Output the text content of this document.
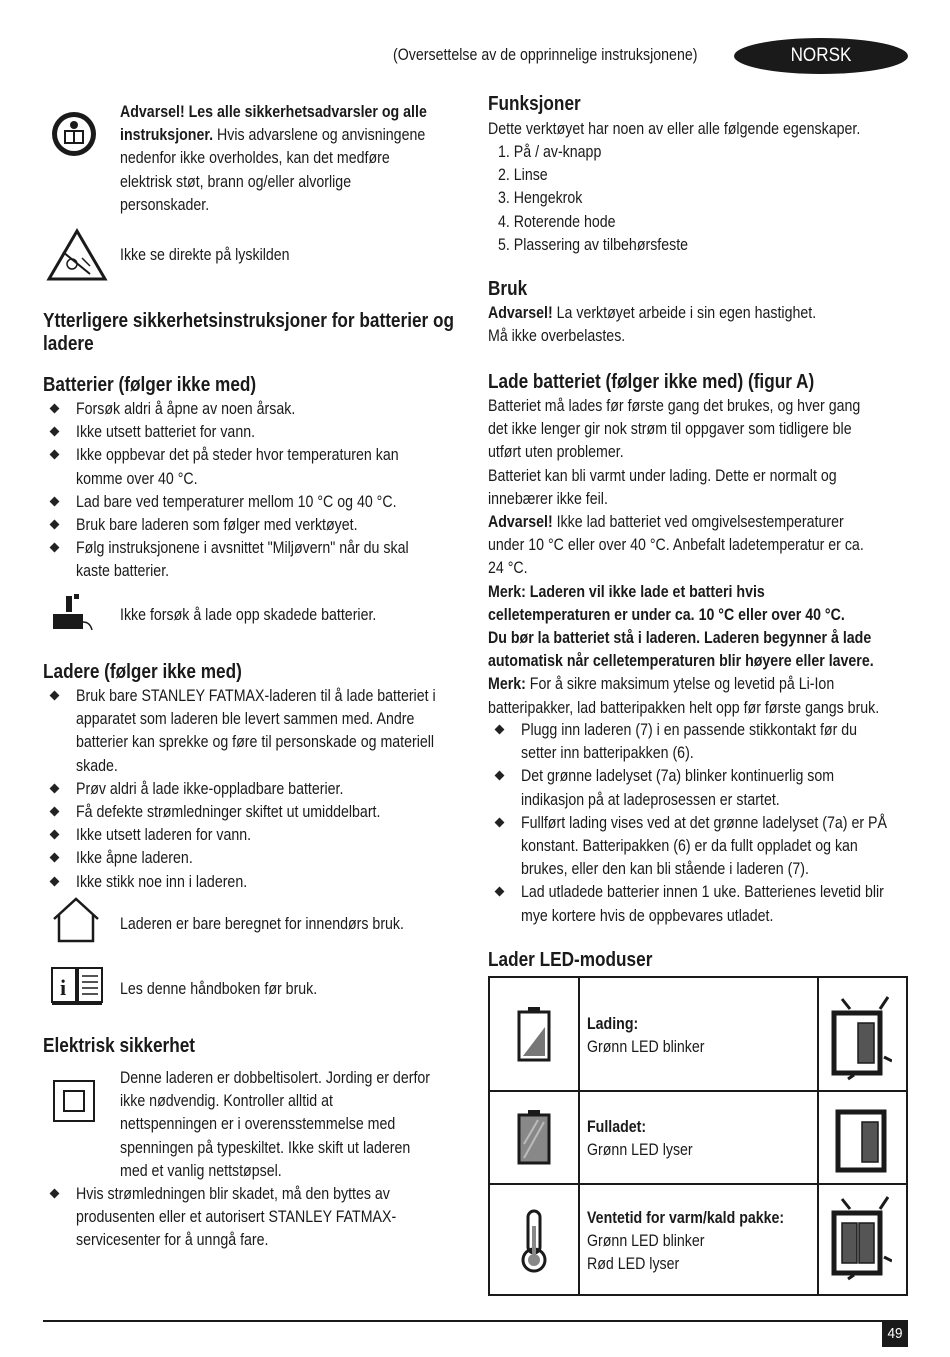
(Oversettelse av de opprinnelige instruksjonene)	NORSK
Advarsel! Les alle sikkerhetsadvarsler og alle
instruksjoner. Hvis advarslene og anvisningene
nedenfor ikke overholdes, kan det medføre
elektrisk støt, brann og/eller alvorlige
personskader.
Ikke se direkte på lyskilden
Ytterligere sikkerhetsinstruksjoner for batterier og
ladere
Batterier (følger ikke med)
Forsøk aldri å åpne av noen årsak.
Ikke utsett batteriet for vann.
Ikke oppbevar det på steder hvor temperaturen kan
komme over 40 °C.
Lad bare ved temperaturer mellom 10 °C og 40 °C.
Bruk bare laderen som følger med verktøyet.
Følg instruksjonene i avsnittet "Miljøvern" når du skal
kaste batterier.
Ikke forsøk å lade opp skadede batterier.
Ladere (følger ikke med)
Bruk bare STANLEY FATMAX-laderen til å lade batteriet i
apparatet som laderen ble levert sammen med. Andre
batterier kan sprekke og føre til personskade og materiell
skade.
Prøv aldri å lade ikke-oppladbare batterier.
Få defekte strømledninger skiftet ut umiddelbart.
Ikke utsett laderen for vann.
Ikke åpne laderen.
Ikke stikk noe inn i laderen.
Laderen er bare beregnet for innendørs bruk.
i	Les denne håndboken før bruk.
Elektrisk sikkerhet
Denne laderen er dobbeltisolert. Jording er derfor
ikke nødvendig. Kontroller alltid at
nettspenningen er i overensstemmelse med
spenningen på typeskiltet. Ikke skift ut laderen
med et vanlig nettstøpsel.
Hvis strømledningen blir skadet, må den byttes av
produsenten eller et autorisert STANLEY FATMAX-
servicesenter for å unngå fare.
Funksjoner
Dette verktøyet har noen av eller alle følgende egenskaper.
1. På / av-knapp
2. Linse
3. Hengekrok
4. Roterende hode
5. Plassering av tilbehørsfeste
Bruk
Advarsel! La verktøyet arbeide i sin egen hastighet.
Må ikke overbelastes.
Lade batteriet (følger ikke med) (figur A)
Batteriet må lades før første gang det brukes, og hver gang
det ikke lenger gir nok strøm til oppgaver som tidligere ble
utført uten problemer.
Batteriet kan bli varmt under lading. Dette er normalt og
innebærer ikke feil.
Advarsel! Ikke lad batteriet ved omgivelsestemperaturer
under 10 °C eller over 40 °C. Anbefalt ladetemperatur er ca.
24 °C.
Merk: Laderen vil ikke lade et batteri hvis
celletemperaturen er under ca. 10 °C eller over 40 °C.
Du bør la batteriet stå i laderen. Laderen begynner å lade
automatisk når celletemperaturen blir høyere eller lavere.
Merk: For å sikre maksimum ytelse og levetid på Li-Ion
batteripakker, lad batteripakken helt opp før første gangs bruk.
Plugg inn laderen (7) i en passende stikkontakt før du
setter inn batteripakken (6).
Det grønne ladelyset (7a) blinker kontinuerlig som
indikasjon på at ladeprosessen er startet.
Fullført lading vises ved at det grønne ladelyset (7a) er PÅ
konstant. Batteripakken (6) er da fullt oppladet og kan
brukes, eller den kan bli stående i laderen (7).
Lad utladede batterier innen 1 uke. Batterienes levetid blir
mye kortere hvis de oppbevares utladet.
Lader LED-moduser
Lading:
Grønn LED blinker
Fulladet:
Grønn LED lyser
Ventetid for varm/kald pakke:
Grønn LED blinker
Rød LED lyser
49
